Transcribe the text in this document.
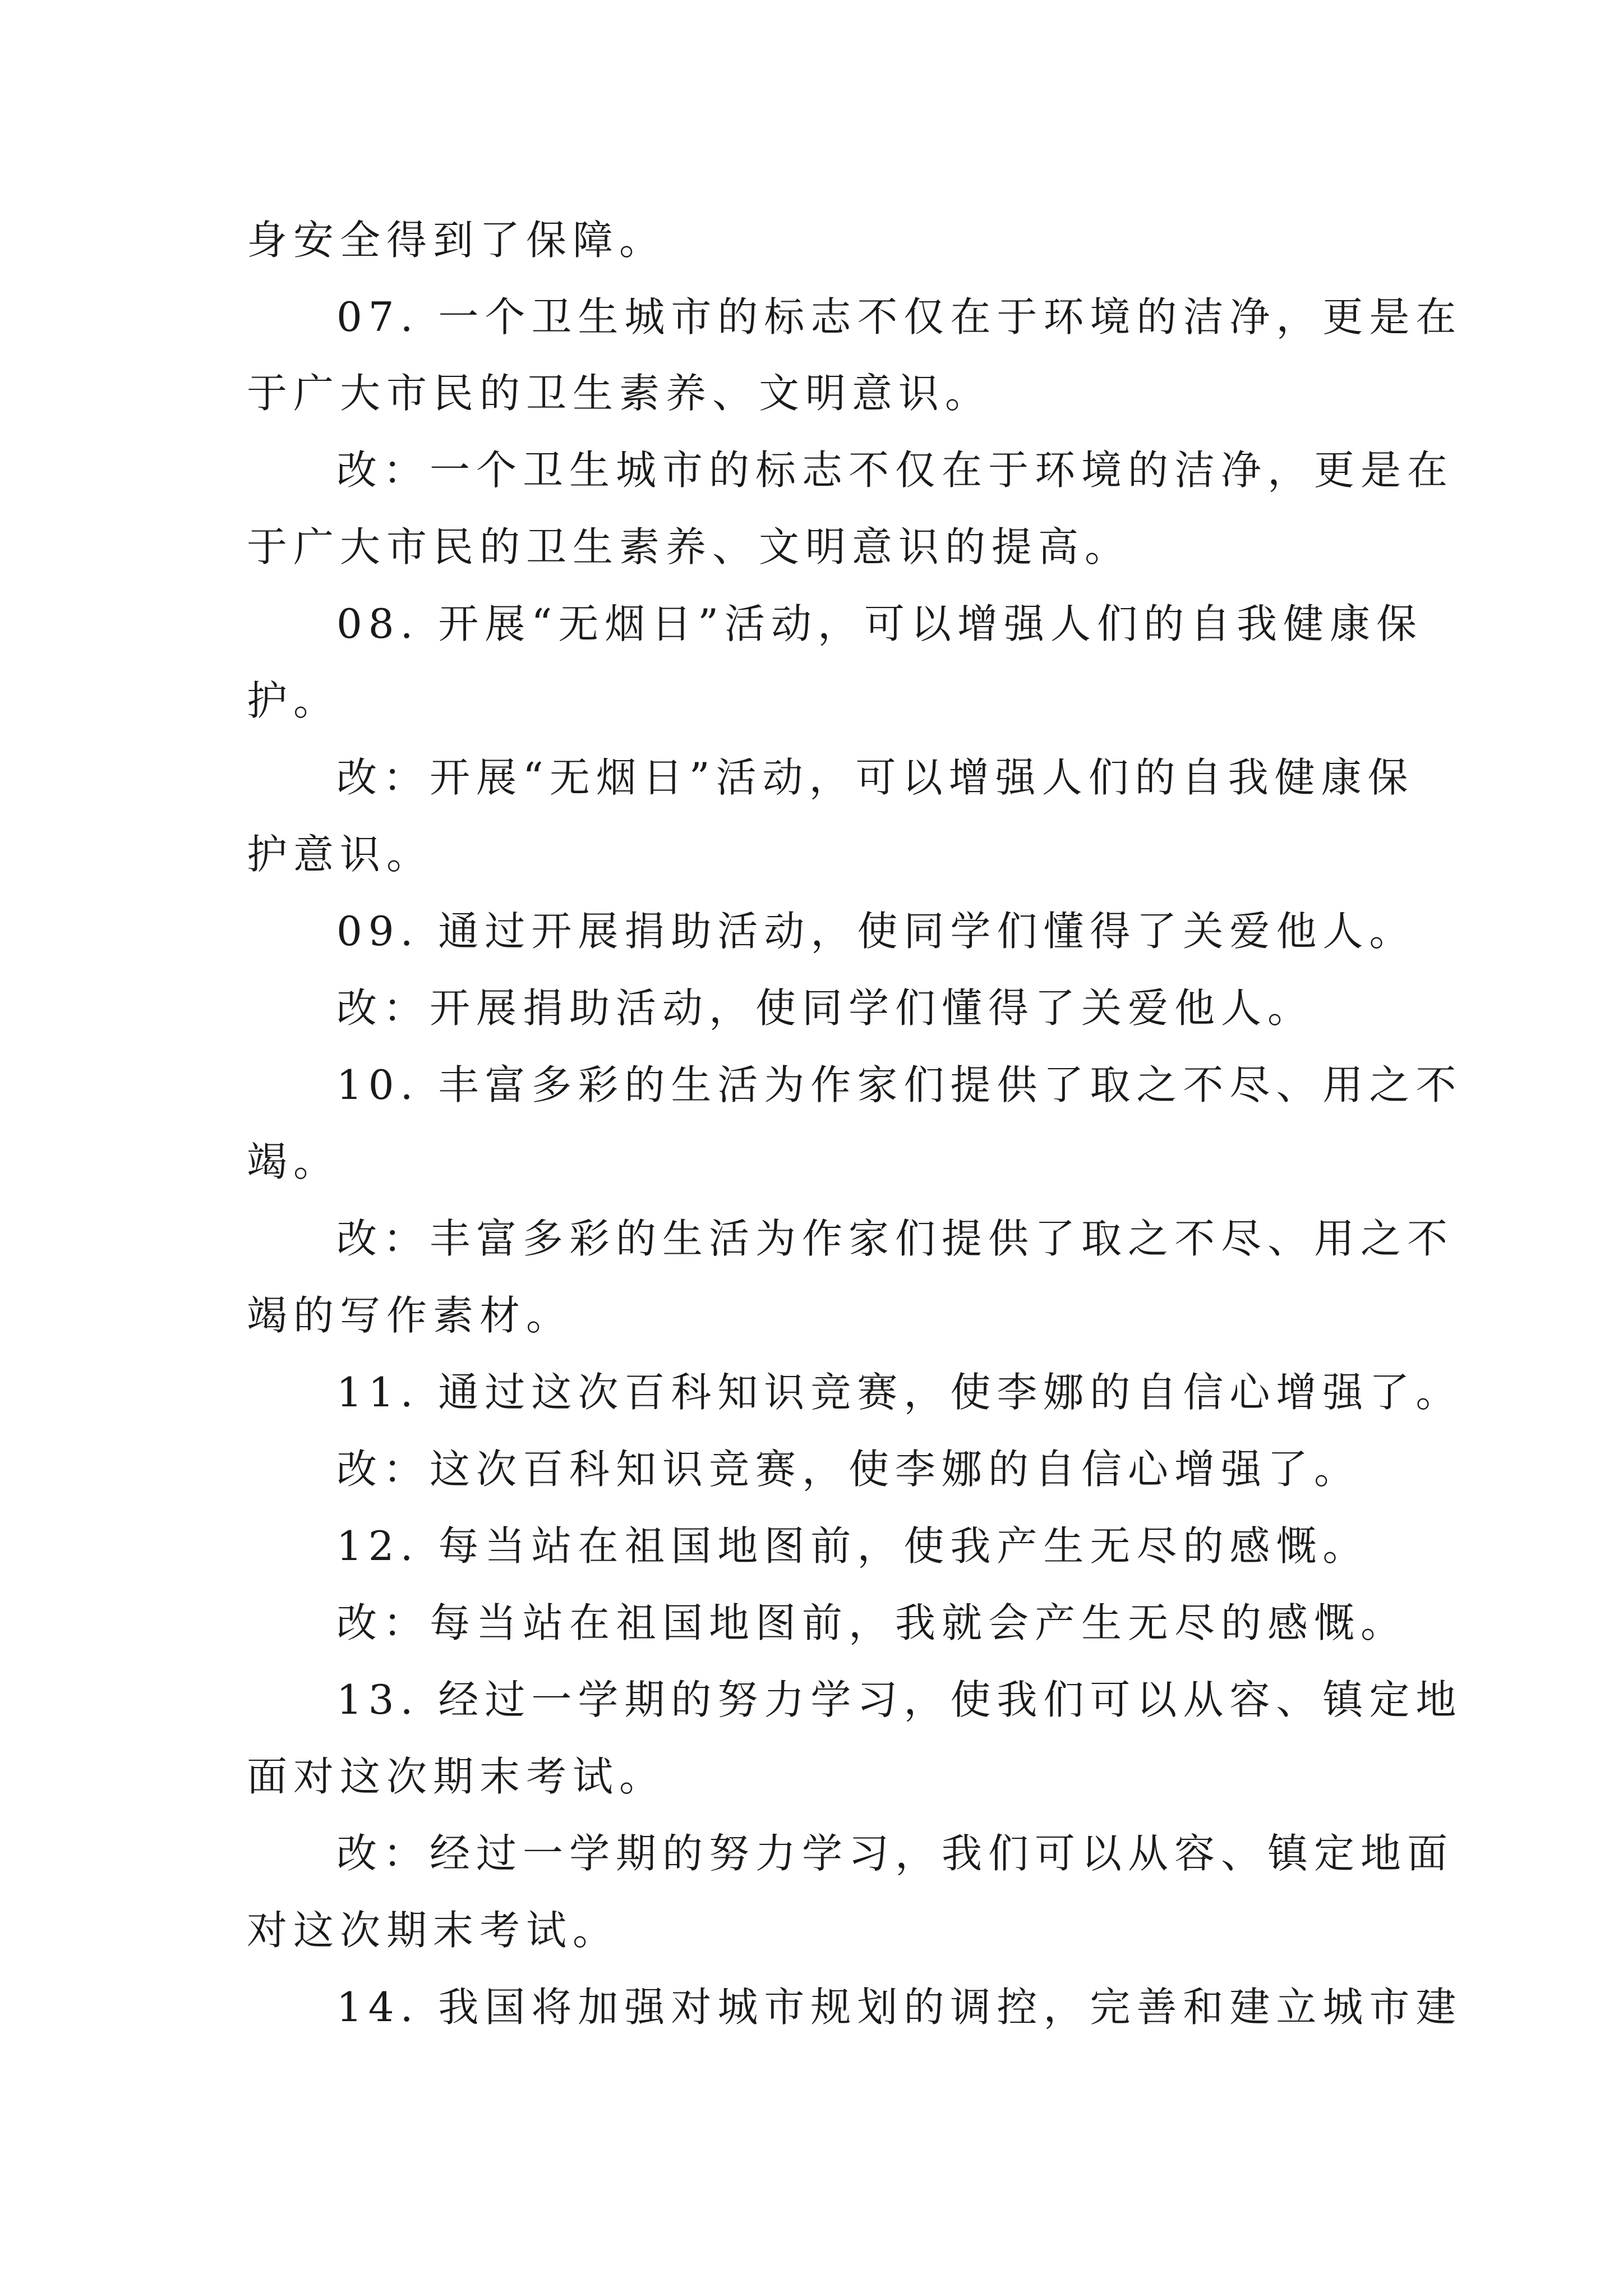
身安全得到了保障。
07. 一个卫生城市的标志不仅在于环境的洁净，更是在
于广大市民的卫生素养、文明意识。
改：一个卫生城市的标志不仅在于环境的洁净，更是在
于广大市民的卫生素养、文明意识的提高。
08. 开展“无烟日”活动，可以增强人们的自我健康保
护。
改：开展“无烟日”活动，可以增强人们的自我健康保
护意识。
09. 通过开展捐助活动，使同学们懂得了关爱他人。
改：开展捐助活动，使同学们懂得了关爱他人。
10. 丰富多彩的生活为作家们提供了取之不尽、用之不
竭。
改：丰富多彩的生活为作家们提供了取之不尽、用之不
竭的写作素材。
11. 通过这次百科知识竞赛，使李娜的自信心增强了。
改：这次百科知识竞赛，使李娜的自信心增强了。
12. 每当站在祖国地图前，使我产生无尽的感慨。
改：每当站在祖国地图前，我就会产生无尽的感慨。
13. 经过一学期的努力学习，使我们可以从容、镇定地
面对这次期末考试。
改：经过一学期的努力学习，我们可以从容、镇定地面
对这次期末考试。
14. 我国将加强对城市规划的调控，完善和建立城市建
